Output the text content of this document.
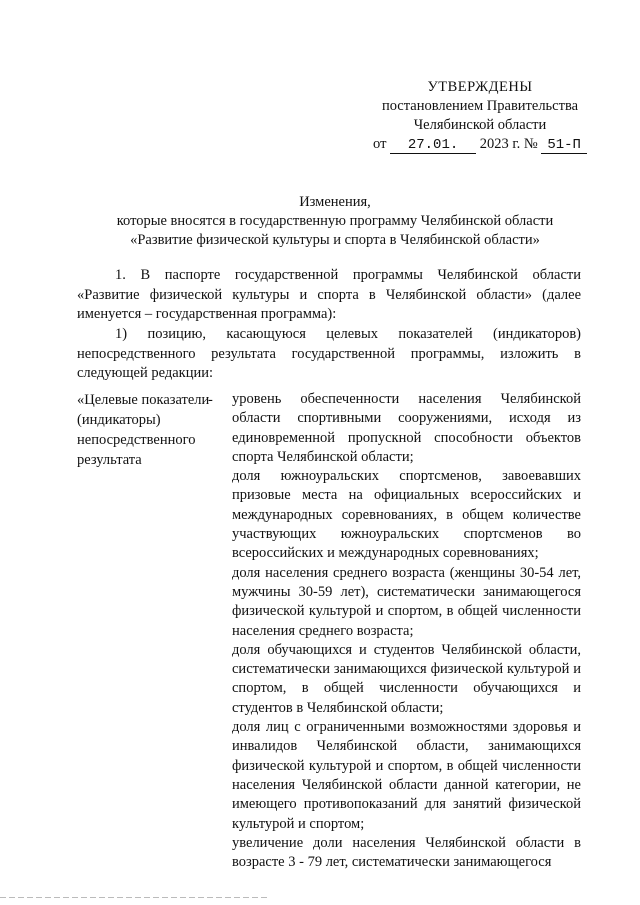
УТВЕРЖДЕНЫ
постановлением Правительства
Челябинской области
от 27.01. 2023 г. № 51-П
Изменения,
которые вносятся в государственную программу Челябинской области
«Развитие физической культуры и спорта в Челябинской области»
1. В паспорте государственной программы Челябинской области «Развитие физической культуры и спорта в Челябинской области» (далее именуется – государственная программа):
1) позицию, касающуюся целевых показателей (индикаторов) непосредственного результата государственной программы, изложить в следующей редакции:
«Целевые показатели (индикаторы) непосредственного результата
- уровень обеспеченности населения Челябинской области спортивными сооружениями, исходя из единовременной пропускной способности объектов спорта Челябинской области;

доля южноуральских спортсменов, завоевавших призовые места на официальных всероссийских и международных соревнованиях, в общем количестве участвующих южноуральских спортсменов во всероссийских и международных соревнованиях;

доля населения среднего возраста (женщины 30-54 лет, мужчины 30-59 лет), систематически занимающегося физической культурой и спортом, в общей численности населения среднего возраста;

доля обучающихся и студентов Челябинской области, систематически занимающихся физической культурой и спортом, в общей численности обучающихся и студентов в Челябинской области;

доля лиц с ограниченными возможностями здоровья и инвалидов Челябинской области, занимающихся физической культурой и спортом, в общей численности населения Челябинской области данной категории, не имеющего противопоказаний для занятий физической культурой и спортом;

увеличение доли населения Челябинской области в возрасте 3 - 79 лет, систематически занимающегося
